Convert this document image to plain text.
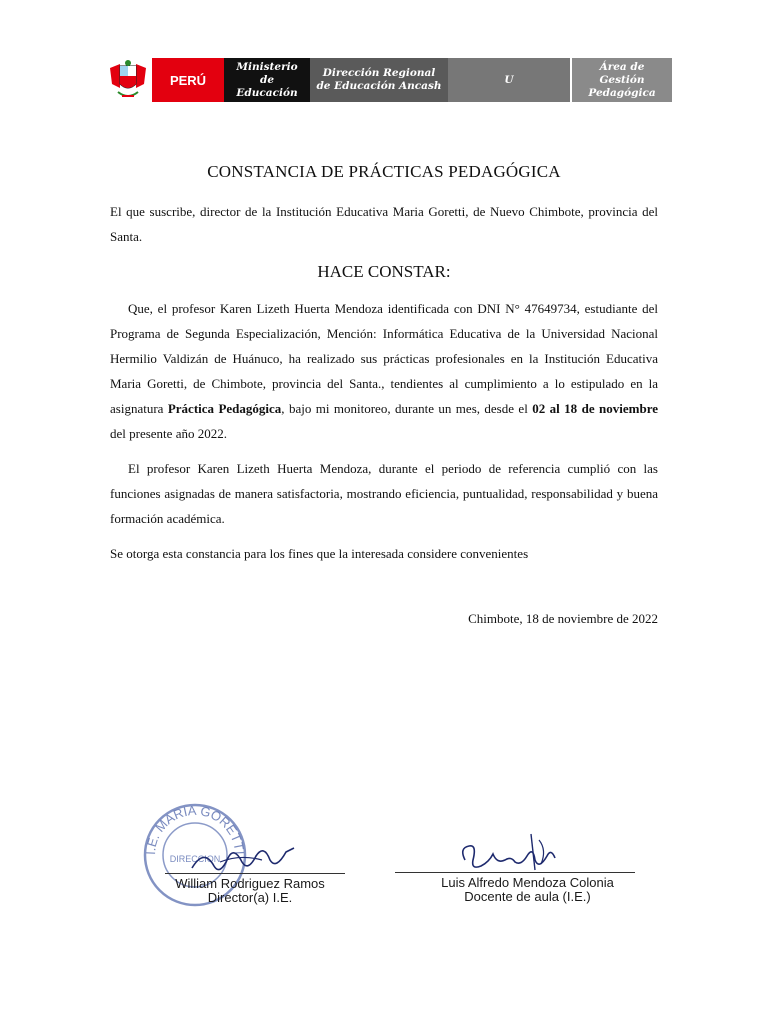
PERÚ
Ministerio de Educación
Dirección Regional de Educación Ancash
U
Área de Gestión Pedagógica
CONSTANCIA DE PRÁCTICAS PEDAGÓGICA
El que suscribe, director de la Institución Educativa Maria Goretti, de Nuevo Chimbote, provincia del Santa.
HACE CONSTAR:
Que, el profesor Karen Lizeth Huerta Mendoza identificada con DNI N° 47649734, estudiante del Programa de Segunda Especialización, Mención: Informática Educativa de la Universidad Nacional Hermilio Valdizán de Huánuco, ha realizado sus prácticas profesionales en la Institución Educativa Maria Goretti, de Chimbote, provincia del Santa., tendientes al cumplimiento a lo estipulado en la asignatura Práctica Pedagógica, bajo mi monitoreo, durante un mes, desde el 02 al 18 de noviembre del presente año 2022.
El profesor Karen Lizeth Huerta Mendoza, durante el periodo de referencia cumplió con las funciones asignadas de manera satisfactoria, mostrando eficiencia, puntualidad, responsabilidad y buena formación académica.
Se otorga esta constancia para los fines que la interesada considere convenientes
Chimbote, 18 de noviembre de 2022
I.E. MARIA GORETTI
DIRECCION
William Rodriguez Ramos
Director(a) I.E.
Luis Alfredo Mendoza Colonia
Docente de aula (I.E.)
